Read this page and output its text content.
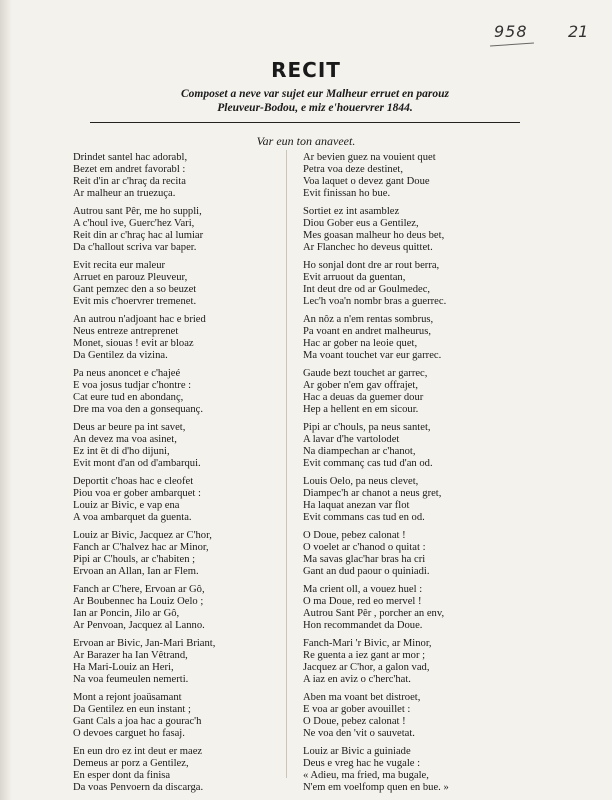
958	21
RECIT
Composet a neve var sujet eur Malheur erruet en parouz
Pleuveur-Bodou, e miz e'houervrer 1844.
Var eun ton anaveet.
Drindet santel hac adorabl,
Bezet em andret favorabl :
Reit d'in ar c'hraç da recita
Ar malheur an truezuça.
Autrou sant Pêr, me ho suppli,
A c'houl ive, Guerc'hez Vari,
Reit din ar c'hraç hac al lumiar
Da c'hallout scriva var baper.
Evit recita eur maleur
Arruet en parouz Pleuveur,
Gant pemzec den a so beuzet
Evit mis c'hoervrer tremenet.
An autrou n'adjoant hac e bried
Neus entreze antreprenet
Monet, siouas ! evit ar bloaz
Da Gentilez da vizina.
Pa neus anoncet e c'hajeé
E voa josus tudjar c'hontre :
Cat eure tud en abondanç,
Dre ma voa den a gonsequanç.
Deus ar beure pa int savet,
An devez ma voa asinet,
Ez int ët di d'ho dijuni,
Evit mont d'an od d'ambarqui.
Deportit c'hoas hac e cleofet
Piou voa er gober ambarquet :
Louiz ar Bivic, e vap ena
A voa ambarquet da guenta.
Louiz ar Bivic, Jacquez ar C'hor,
Fanch ar C'halvez hac ar Minor,
Pipi ar C'houls, ar c'habiten ;
Ervoan an Allan, Ian ar Flem.
Fanch ar C'here, Ervoan ar Gô,
Ar Boubennec ha Louiz Oelo ;
Ian ar Poncin, Jilo ar Gô,
Ar Penvoan, Jacquez al Lanno.
Ervoan ar Bivic, Jan-Mari Briant,
Ar Barazer ha Ian Vêtrand,
Ha Mari-Louiz an Heri,
Na voa feumeulen nemerti.
Mont a rejont joaüsamant
Da Gentilez en eun instant ;
Gant Cals a joa hac a gourac'h
O devoes carguet ho fasaj.
En eun dro ez int deut er maez
Demeus ar porz a Gentilez,
En esper dont da finisa
Da voas Penvoern da discarga.
Ar bevien guez na vouient quet
Petra voa deze destinet,
Voa laquet o devez gant Doue
Evit finissan ho bue.
Sortiet ez int asamblez
Diou Gober eus a Gentilez,
Mes goasan malheur ho deus bet,
Ar Flanchec ho deveus quittet.
Ho sonjal dont dre ar rout berra,
Evit arruout da guentan,
Int deut dre od ar Goulmedec,
Lec'h voa'n nombr bras a guerrec.
An nôz a n'em rentas sombrus,
Pa voant en andret malheurus,
Hac ar gober na leoie quet,
Ma voant touchet var eur garrec.
Gaude bezt touchet ar garrec,
Ar gober n'em gav offrajet,
Hac a deuas da guemer dour
Hep a hellent en em sicour.
Pipi ar c'houls, pa neus santet,
A lavar d'he vartolodet
Na diampechan ar c'hanot,
Evit commanç cas tud d'an od.
Louis Oelo, pa neus clevet,
Diampec'h ar chanot a neus gret,
Ha laquat anezan var flot
Evit commans cas tud en od.
O Doue, pebez calonat !
O voelet ar c'hanod o quitat :
Ma savas glac'har bras ha cri
Gant an dud paour o quiniadi.
Ma crient oll, a vouez huel :
O ma Doue, red eo mervel !
Autrou Sant Pêr , porcher an env,
Hon recommandet da Doue.
Fanch-Mari 'r Bivic, ar Minor,
Re guenta a iez gant ar mor ;
Jacquez ar C'hor, a galon vad,
A iaz en aviz o c'herc'hat.
Aben ma voant bet distroet,
E voa ar gober avouillet :
O Doue, pebez calonat !
Ne voa den 'vit o sauvetat.
Louiz ar Bivic a guiniade
Deus e vreg hac he vugale :
« Adieu, ma fried, ma bugale,
N'em em voelfomp quen en bue. »
